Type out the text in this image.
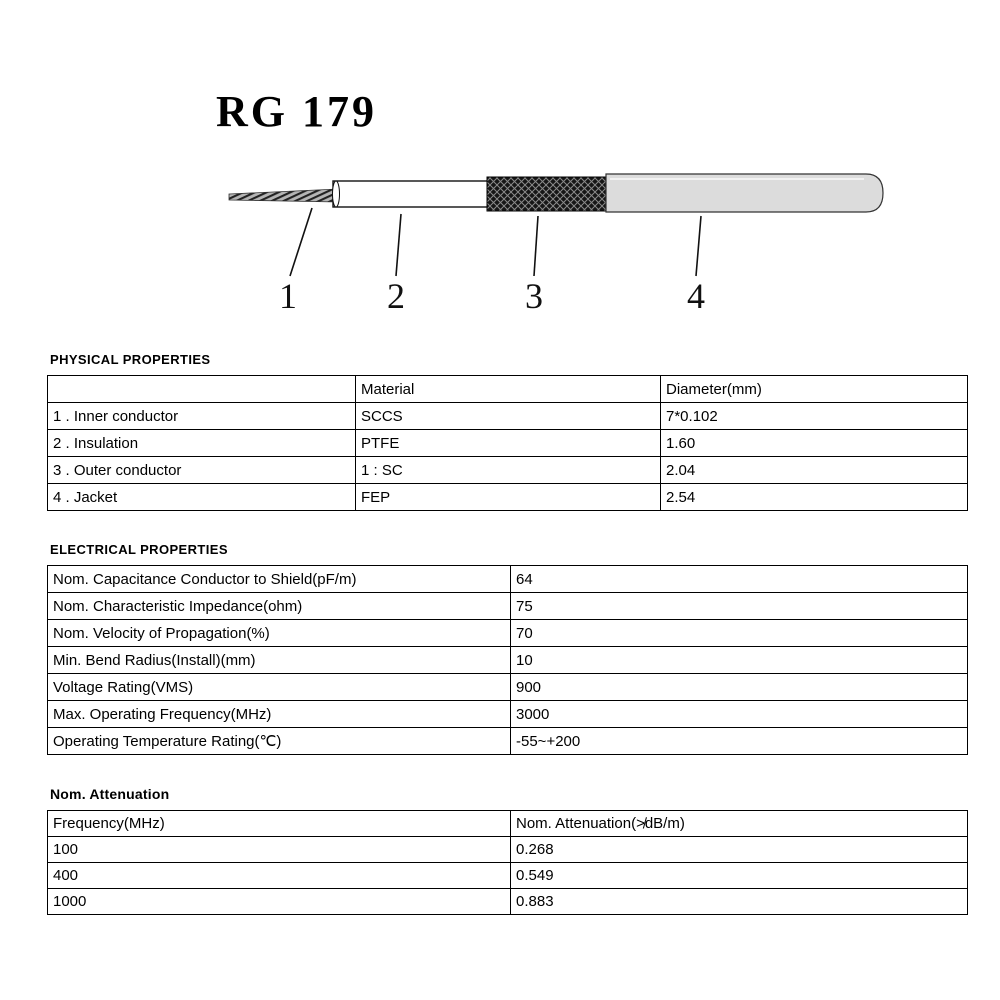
RG 179
1	2	3	4
PHYSICAL PROPERTIES
	Material	Diameter(mm)
1 . Inner conductor	SCCS	7*0.102
2 . Insulation	PTFE	1.60
3 . Outer conductor	1 : SC	2.04
4 . Jacket	FEP	2.54
ELECTRICAL PROPERTIES
Nom. Capacitance Conductor to Shield(pF/m)	64
Nom. Characteristic Impedance(ohm)	75
Nom. Velocity of Propagation(%)	70
Min. Bend Radius(Install)(mm)	10
Voltage Rating(VMS)	900
Max. Operating Frequency(MHz)	3000
Operating Temperature Rating(℃)	-55~+200
Nom. Attenuation
Frequency(MHz)	Nom. Attenuation(≯dB/m)
100	0.268
400	0.549
1000	0.883
